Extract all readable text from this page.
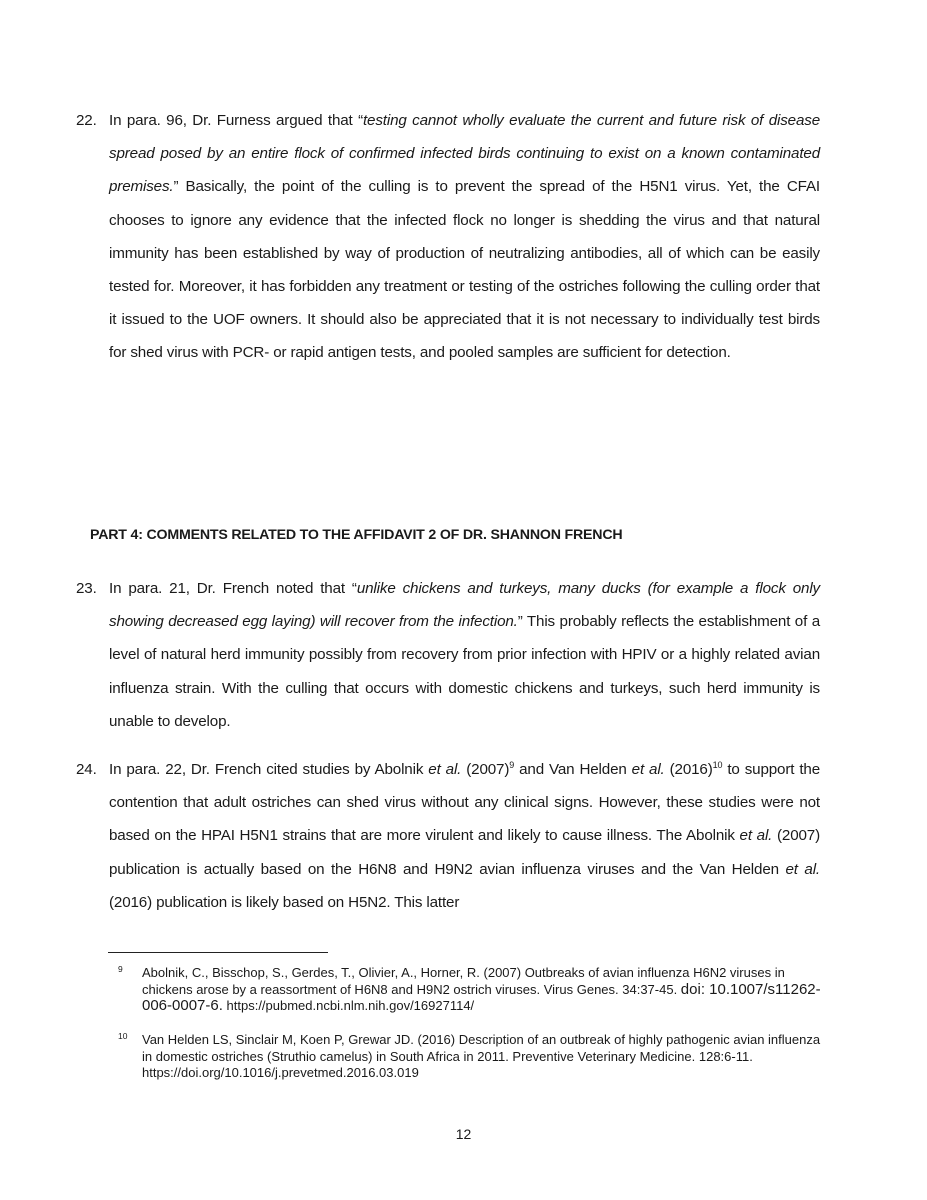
22. In para. 96, Dr. Furness argued that “testing cannot wholly evaluate the current and future risk of disease spread posed by an entire flock of confirmed infected birds continuing to exist on a known contaminated premises.” Basically, the point of the culling is to prevent the spread of the H5N1 virus. Yet, the CFAI chooses to ignore any evidence that the infected flock no longer is shedding the virus and that natural immunity has been established by way of production of neutralizing antibodies, all of which can be easily tested for. Moreover, it has forbidden any treatment or testing of the ostriches following the culling order that it issued to the UOF owners. It should also be appreciated that it is not necessary to individually test birds for shed virus with PCR- or rapid antigen tests, and pooled samples are sufficient for detection.
PART 4: COMMENTS RELATED TO THE AFFIDAVIT 2 OF DR. SHANNON FRENCH
23. In para. 21, Dr. French noted that “unlike chickens and turkeys, many ducks (for example a flock only showing decreased egg laying) will recover from the infection.” This probably reflects the establishment of a level of natural herd immunity possibly from recovery from prior infection with HPIV or a highly related avian influenza strain. With the culling that occurs with domestic chickens and turkeys, such herd immunity is unable to develop.
24. In para. 22, Dr. French cited studies by Abolnik et al. $(2007)^9$ and Van Helden et al. $(2016)^{10}$ to support the contention that adult ostriches can shed virus without any clinical signs. However, these studies were not based on the HPAI H5N1 strains that are more virulent and likely to cause illness. The Abolnik et al. (2007) publication is actually based on the H6N8 and H9N2 avian influenza viruses and the Van Helden et al. (2016) publication is likely based on H5N2. This latter
9 Abolnik, C., Bisschop, S., Gerdes, T., Olivier, A., Horner, R. (2007) Outbreaks of avian influenza H6N2 viruses in chickens arose by a reassortment of H6N8 and H9N2 ostrich viruses. Virus Genes. 34:37-45. doi: 10.1007/s11262-006-0007-6. https://pubmed.ncbi.nlm.nih.gov/16927114/
10 Van Helden LS, Sinclair M, Koen P, Grewar JD. (2016) Description of an outbreak of highly pathogenic avian influenza in domestic ostriches (Struthio camelus) in South Africa in 2011. Preventive Veterinary Medicine. 128:6-11. https://doi.org/10.1016/j.prevetmed.2016.03.019
12
